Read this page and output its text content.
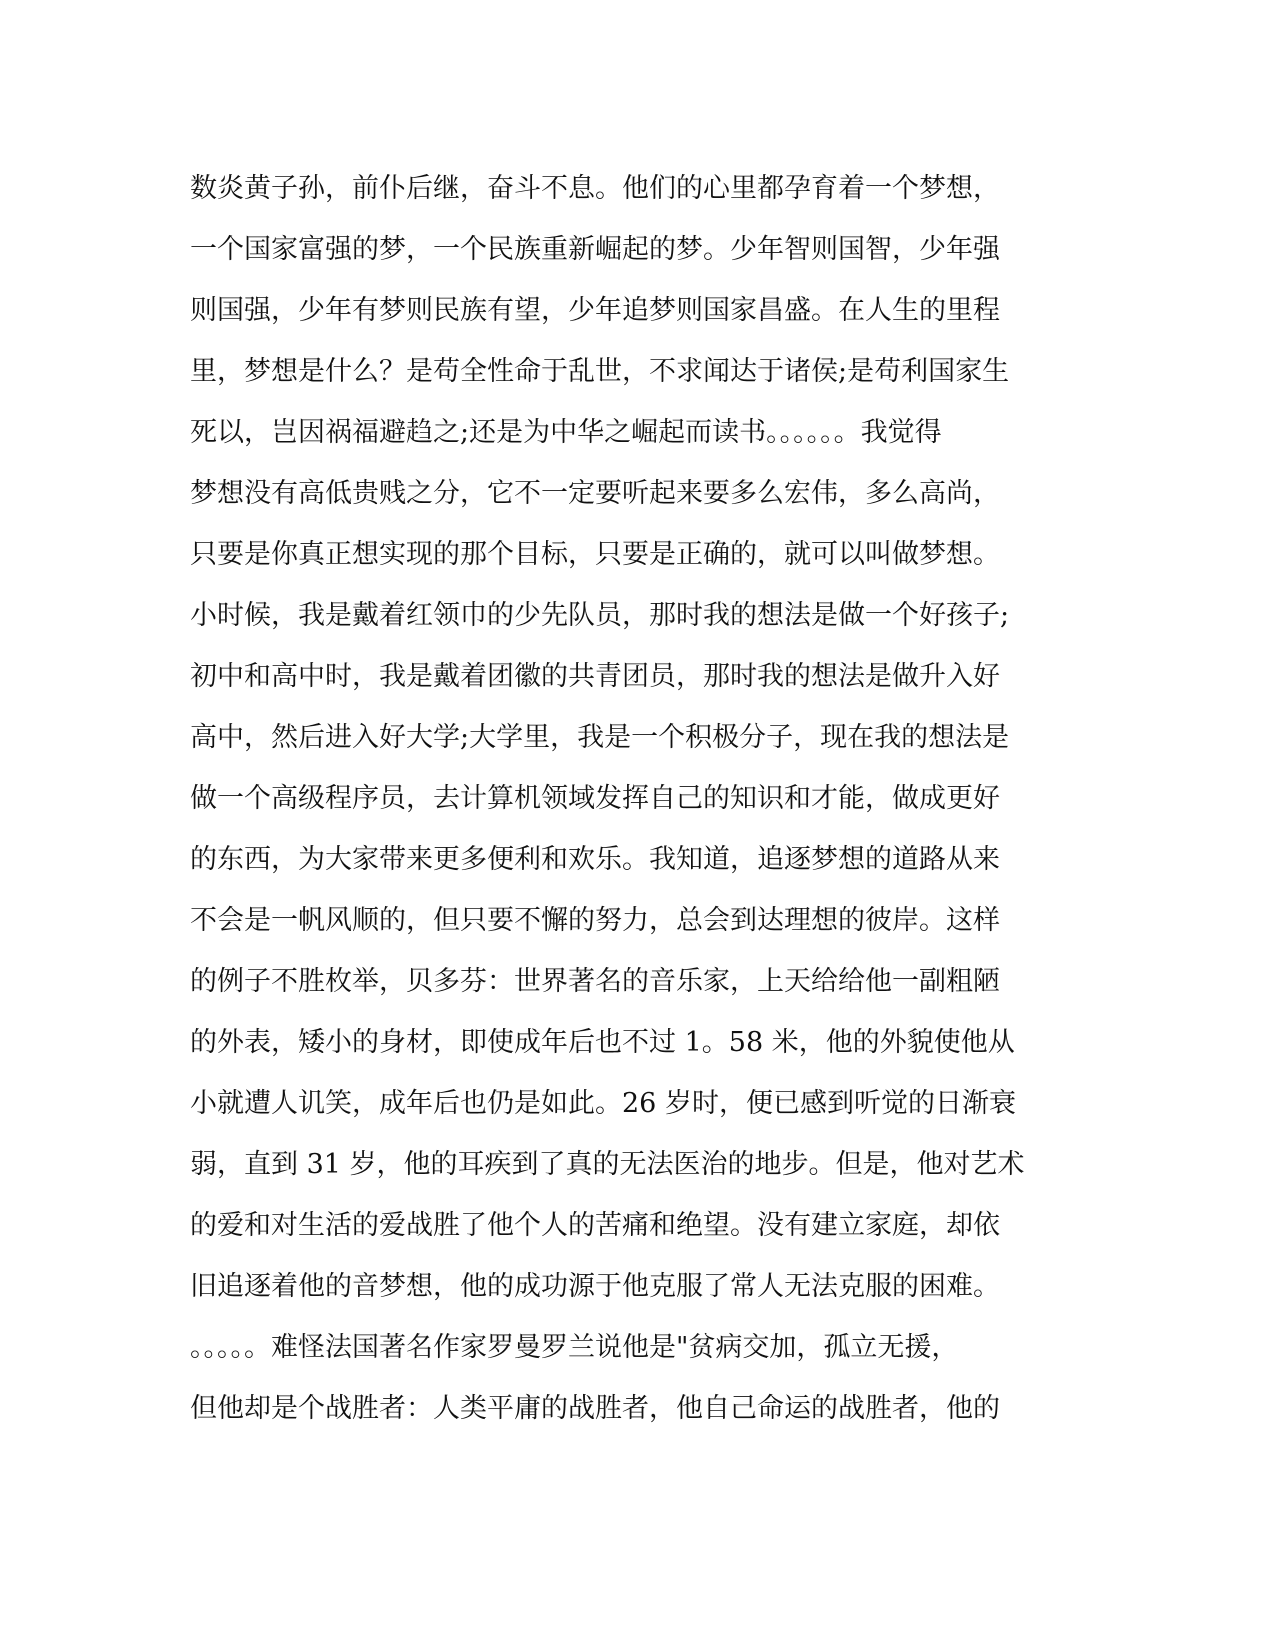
数炎黄子孙，前仆后继，奋斗不息。他们的心里都孕育着一个梦想，
一个国家富强的梦，一个民族重新崛起的梦。少年智则国智，少年强
则国强，少年有梦则民族有望，少年追梦则国家昌盛。在人生的里程
里，梦想是什么？是苟全性命于乱世，不求闻达于诸侯;是苟利国家生
死以，岂因祸福避趋之;还是为中华之崛起而读书。。。。。。我觉得
梦想没有高低贵贱之分，它不一定要听起来要多么宏伟，多么高尚，
只要是你真正想实现的那个目标，只要是正确的，就可以叫做梦想。
小时候，我是戴着红领巾的少先队员，那时我的想法是做一个好孩子;
初中和高中时，我是戴着团徽的共青团员，那时我的想法是做升入好
高中，然后进入好大学;大学里，我是一个积极分子，现在我的想法是
做一个高级程序员，去计算机领域发挥自己的知识和才能，做成更好
的东西，为大家带来更多便利和欢乐。我知道，追逐梦想的道路从来
不会是一帆风顺的，但只要不懈的努力，总会到达理想的彼岸。这样
的例子不胜枚举，贝多芬：世界著名的音乐家，上天给给他一副粗陋
的外表，矮小的身材，即使成年后也不过 1。58 米，他的外貌使他从
小就遭人讥笑，成年后也仍是如此。26 岁时，便已感到听觉的日渐衰
弱，直到 31 岁，他的耳疾到了真的无法医治的地步。但是，他对艺术
的爱和对生活的爱战胜了他个人的苦痛和绝望。没有建立家庭，却依
旧追逐着他的音梦想，他的成功源于他克服了常人无法克服的困难。
。。。。。难怪法国著名作家罗曼罗兰说他是"贫病交加，孤立无援，
但他却是个战胜者：人类平庸的战胜者，他自己命运的战胜者，他的
